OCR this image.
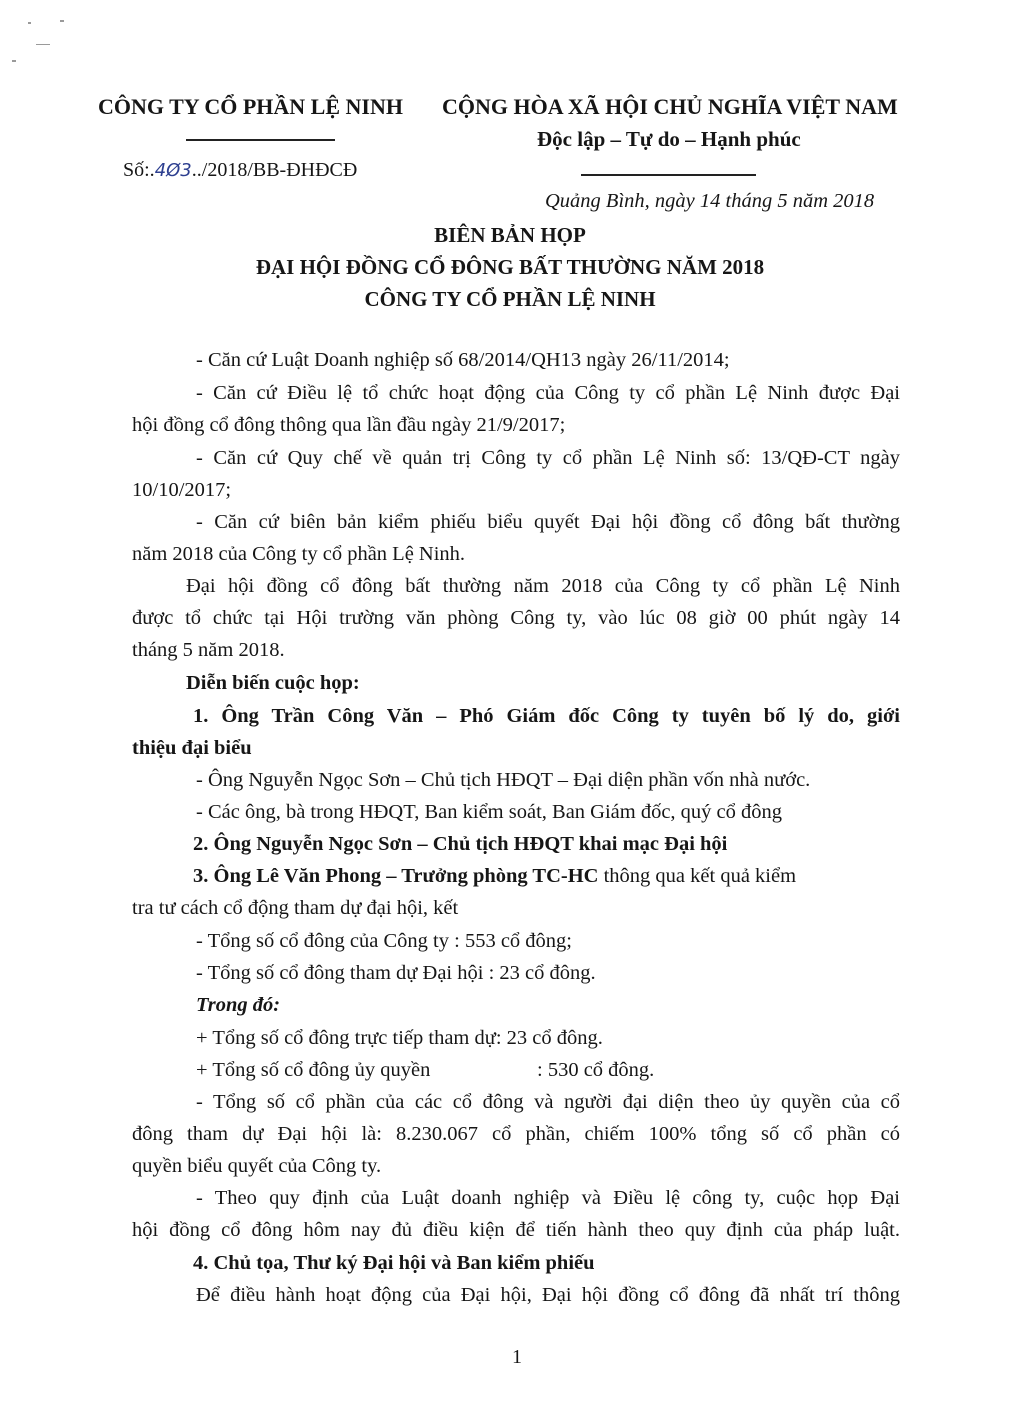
CÔNG TY CỔ PHẦN LỆ NINH CỘNG HÒA XÃ HỘI CHỦ NGHĨA VIỆT NAM
Độc lập – Tự do – Hạnh phúc
Số:.4Ø3../2018/BB-ĐHĐCĐ
Quảng Bình, ngày 14 tháng 5 năm 2018
BIÊN BẢN HỌP
ĐẠI HỘI ĐỒNG CỔ ĐÔNG BẤT THƯỜNG NĂM 2018
CÔNG TY CỔ PHẦN LỆ NINH
- Căn cứ Luật Doanh nghiệp số 68/2014/QH13 ngày 26/11/2014;
- Căn cứ Điều lệ tổ chức hoạt động của Công ty cổ phần Lệ Ninh được Đại
hội đồng cổ đông thông qua lần đầu ngày 21/9/2017;
- Căn cứ Quy chế về quản trị Công ty cổ phần Lệ Ninh số: 13/QĐ-CT ngày
10/10/2017;
- Căn cứ biên bản kiểm phiếu biểu quyết Đại hội đồng cổ đông bất thường
năm 2018 của Công ty cổ phần Lệ Ninh.
Đại hội đồng cổ đông bất thường năm 2018 của Công ty cổ phần Lệ Ninh
được tổ chức tại Hội trường văn phòng Công ty, vào lúc 08 giờ 00 phút ngày 14
tháng 5 năm 2018.
Diễn biến cuộc họp:
1. Ông Trần Công Văn – Phó Giám đốc Công ty tuyên bố lý do, giới
thiệu đại biểu
- Ông Nguyễn Ngọc Sơn – Chủ tịch HĐQT – Đại diện phần vốn nhà nước.
- Các ông, bà trong HĐQT, Ban kiểm soát, Ban Giám đốc, quý cổ đông
2. Ông Nguyễn Ngọc Sơn – Chủ tịch HĐQT khai mạc Đại hội
3. Ông Lê Văn Phong – Trưởng phòng TC-HC thông qua kết quả kiểm
tra tư cách cổ động tham dự đại hội, kết
- Tổng số cổ đông của Công ty : 553 cổ đông;
- Tổng số cổ đông tham dự Đại hội : 23 cổ đông.
Trong đó:
+ Tổng số cổ đông trực tiếp tham dự: 23 cổ đông.
+ Tổng số cổ đông ủy quyền	: 530 cổ đông.
- Tổng số cổ phần của các cổ đông và người đại diện theo ủy quyền của cổ
đông tham dự Đại hội là: 8.230.067 cổ phần, chiếm 100% tổng số cổ phần có
quyền biểu quyết của Công ty.
- Theo quy định của Luật doanh nghiệp và Điều lệ công ty, cuộc họp Đại
hội đồng cổ đông hôm nay đủ điều kiện để tiến hành theo quy định của pháp luật.
4. Chủ tọa, Thư ký Đại hội và Ban kiểm phiếu
Để điều hành hoạt động của Đại hội, Đại hội đồng cổ đông đã nhất trí thông
1
